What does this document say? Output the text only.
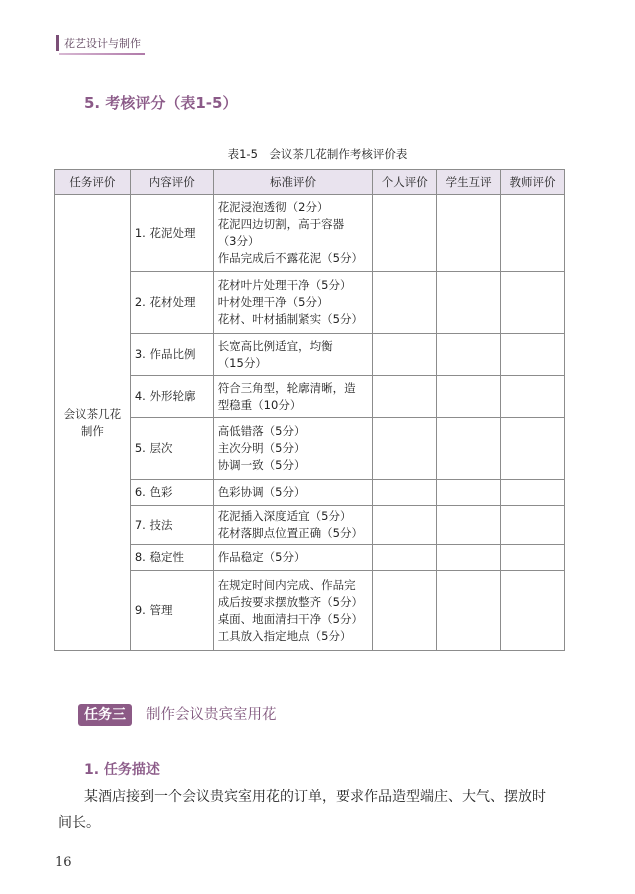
花艺设计与制作
5. 考核评分（表1-5）
表1-5　会议茶几花制作考核评价表
任务评价	内容评价	标准评价	个人评价	学生互评	教师评价
会议茶几花
制作	1. 花泥处理	花泥浸泡透彻（2分）
花泥四边切割，高于容器
（3分）
作品完成后不露花泥（5分）			
	2. 花材处理	花材叶片处理干净（5分）
叶材处理干净（5分）
花材、叶材插制紧实（5分）			
	3. 作品比例	长宽高比例适宜，均衡
（15分）			
	4. 外形轮廓	符合三角型，轮廓清晰，造
型稳重（10分）			
	5. 层次	高低错落（5分）
主次分明（5分）
协调一致（5分）			
	6. 色彩	色彩协调（5分）			
	7. 技法	花泥插入深度适宜（5分）
花材落脚点位置正确（5分）			
	8. 稳定性	作品稳定（5分）			
	9. 管理	在规定时间内完成、作品完
成后按要求摆放整齐（5分）
桌面、地面清扫干净（5分）
工具放入指定地点（5分）			
任务三	制作会议贵宾室用花
1. 任务描述
某酒店接到一个会议贵宾室用花的订单，要求作品造型端庄、大气、摆放时
间长。
16
